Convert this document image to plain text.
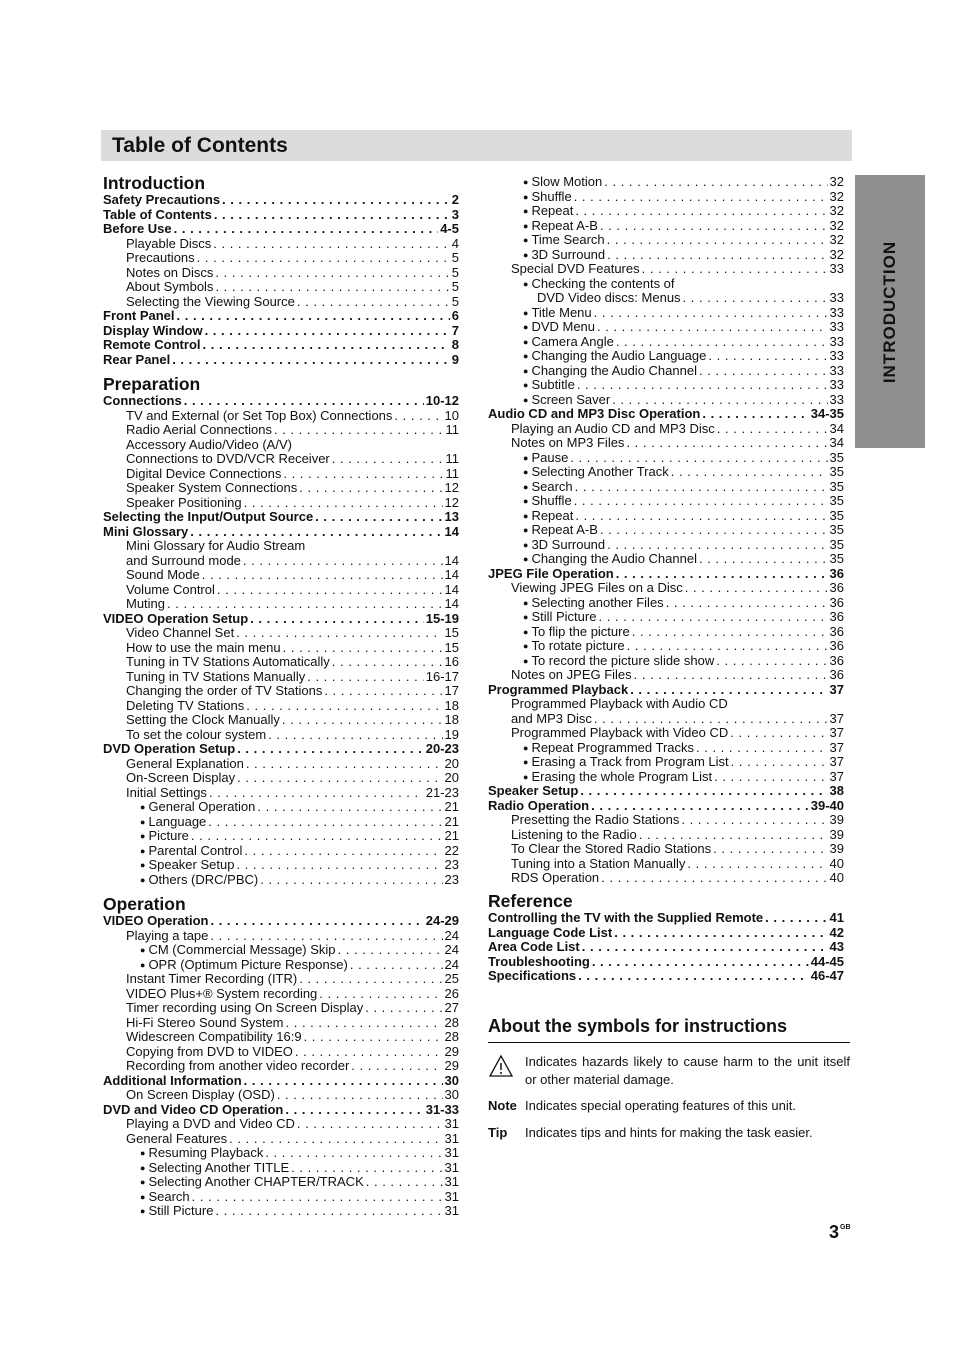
Table of Contents
INTRODUCTION
Introduction
Safety Precautions . . .	2
Table of Contents . . .	3
Before Use . . .	4-5
Playable Discs . . .	4
Precautions . . .	5
Notes on Discs . . .	5
About Symbols . . .	5
Selecting the Viewing Source . . .	5
Front Panel . . .	6
Display Window . . .	7
Remote Control . . .	8
Rear Panel . . .	9
Preparation
Connections . . .	10-12
TV and External (or Set Top Box) Connections . . .	10
Radio Aerial Connections . . .	11
Accessory Audio/Video (A/V)
Connections to DVD/VCR Receiver . . .	11
Digital Device Connections . . .	11
Speaker System Connections . . .	12
Speaker Positioning . . .	12
Selecting the Input/Output Source . . .	13
Mini Glossary . . .	14
Mini Glossary for Audio Stream
and Surround mode . . .	14
Sound Mode . . .	14
Volume Control . . .	14
Muting . . .	14
VIDEO Operation Setup . . .	15-19
Video Channel Set . . .	15
How to use the main menu . . .	15
Tuning in TV Stations Automatically . . .	16
Tuning in TV Stations Manually . . .	16-17
Changing the order of TV Stations . . .	17
Deleting TV Stations . . .	18
Setting the Clock Manually . . .	18
To set the colour system . . .	19
DVD Operation Setup . . .	20-23
General Explanation . . .	20
On-Screen Display . . .	20
Initial Settings . . .	21-23
● General Operation . . .	21
● Language . . .	21
● Picture . . .	21
● Parental Control . . .	22
● Speaker Setup . . .	23
● Others (DRC/PBC) . . .	23
Operation
VIDEO Operation . . .	24-29
Playing a tape . . .	24
● CM (Commercial Message) Skip . . .	24
● OPR (Optimum Picture Response) . . .	24
Instant Timer Recording (ITR) . . .	25
VIDEO Plus+® System recording . . .	26
Timer recording using On Screen Display . . .	27
Hi-Fi Stereo Sound System . . .	28
Widescreen Compatibility 16:9 . . .	28
Copying from DVD to VIDEO . . .	29
Recording from another video recorder . . .	29
Additional Information . . .	30
On Screen Display (OSD) . . .	30
DVD and Video CD Operation . . .	31-33
Playing a DVD and Video CD . . .	31
General Features . . .	31
● Resuming Playback . . .	31
● Selecting Another TITLE . . .	31
● Selecting Another CHAPTER/TRACK . . .	31
● Search . . .	31
● Still Picture . . .	31
● Slow Motion . . .	32
● Shuffle . . .	32
● Repeat . . .	32
● Repeat A-B . . .	32
● Time Search . . .	32
● 3D Surround . . .	32
Special DVD Features . . .	33
● Checking the contents of
DVD Video discs: Menus . . .	33
● Title Menu . . .	33
● DVD Menu . . .	33
● Camera Angle . . .	33
● Changing the Audio Language . . .	33
● Changing the Audio Channel . . .	33
● Subtitle . . .	33
● Screen Saver . . .	33
Audio CD and MP3 Disc Operation . . .	34-35
Playing an Audio CD and MP3 Disc . . .	34
Notes on MP3 Files . . .	34
● Pause . . .	35
● Selecting Another Track . . .	35
● Search . . .	35
● Shuffle . . .	35
● Repeat . . .	35
● Repeat A-B . . .	35
● 3D Surround . . .	35
● Changing the Audio Channel . . .	35
JPEG File Operation . . .	36
Viewing JPEG Files on a Disc . . .	36
● Selecting another Files . . .	36
● Still Picture . . .	36
● To flip the picture . . .	36
● To rotate picture . . .	36
● To record the picture slide show . . .	36
Notes on JPEG Files . . .	36
Programmed Playback . . .	37
Programmed Playback with Audio CD
and MP3 Disc . . .	37
Programmed Playback with Video CD . . .	37
● Repeat Programmed Tracks . . .	37
● Erasing a Track from Program List . . .	37
● Erasing the whole Program List . . .	37
Speaker Setup . . .	38
Radio Operation . . .	39-40
Presetting the Radio Stations . . .	39
Listening to the Radio . . .	39
To Clear the Stored Radio Stations . . .	39
Tuning into a Station Manually . . .	40
RDS Operation . . .	40
Reference
Controlling the TV with the Supplied Remote . . .	41
Language Code List . . .	42
Area Code List . . .	43
Troubleshooting . . .	44-45
Specifications . . .	46-47
About the symbols for instructions
Indicates hazards likely to cause harm to the unit itself or other material damage.
Note Indicates special operating features of this unit.
Tip	Indicates tips and hints for making the task easier.
$3^{GB}$
